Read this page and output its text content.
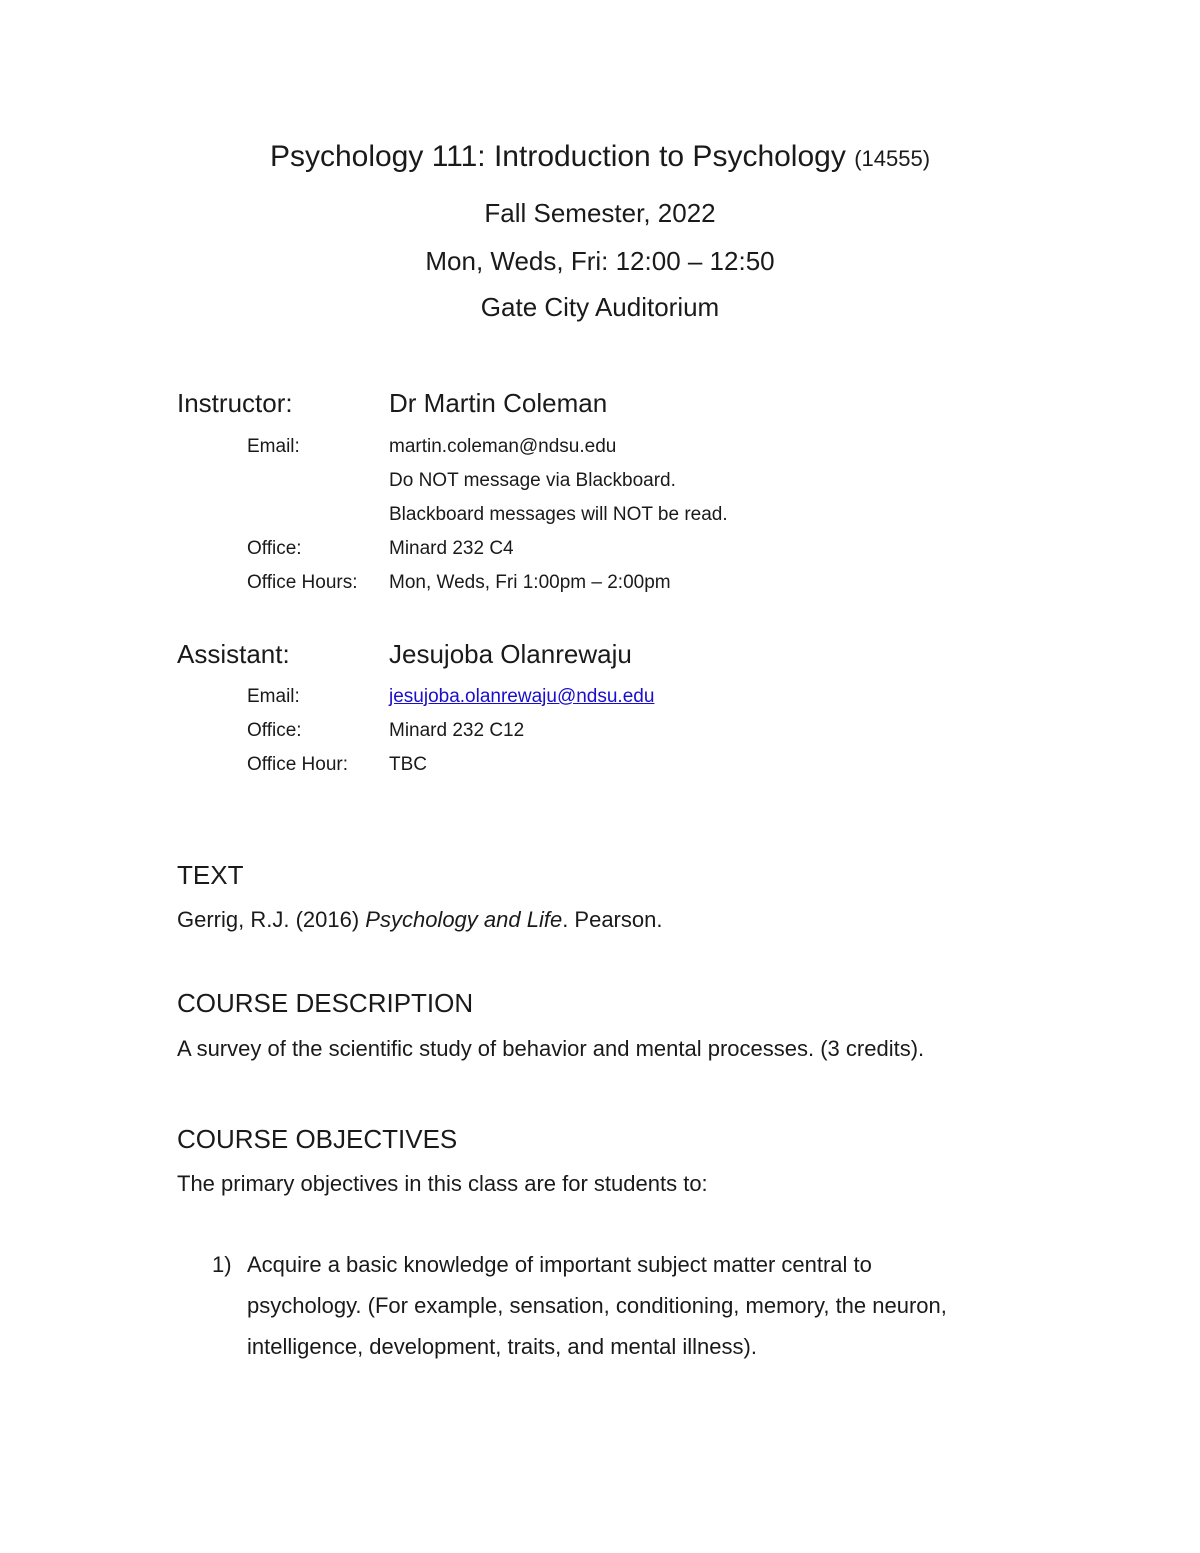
Psychology 111: Introduction to Psychology (14555)
Fall Semester, 2022
Mon, Weds, Fri: 12:00 – 12:50
Gate City Auditorium
Instructor:	Dr Martin Coleman
Email:	martin.coleman@ndsu.edu
Do NOT message via Blackboard.
Blackboard messages will NOT be read.
Office:	Minard 232 C4
Office Hours: Mon, Weds, Fri 1:00pm – 2:00pm
Assistant:	Jesujoba Olanrewaju
Email:	jesujoba.olanrewaju@ndsu.edu
Office:	Minard 232 C12
Office Hour: TBC
TEXT
Gerrig, R.J. (2016) Psychology and Life. Pearson.
COURSE DESCRIPTION
A survey of the scientific study of behavior and mental processes. (3 credits).
COURSE OBJECTIVES
The primary objectives in this class are for students to:
1) Acquire a basic knowledge of important subject matter central to
psychology. (For example, sensation, conditioning, memory, the neuron,
intelligence, development, traits, and mental illness).
